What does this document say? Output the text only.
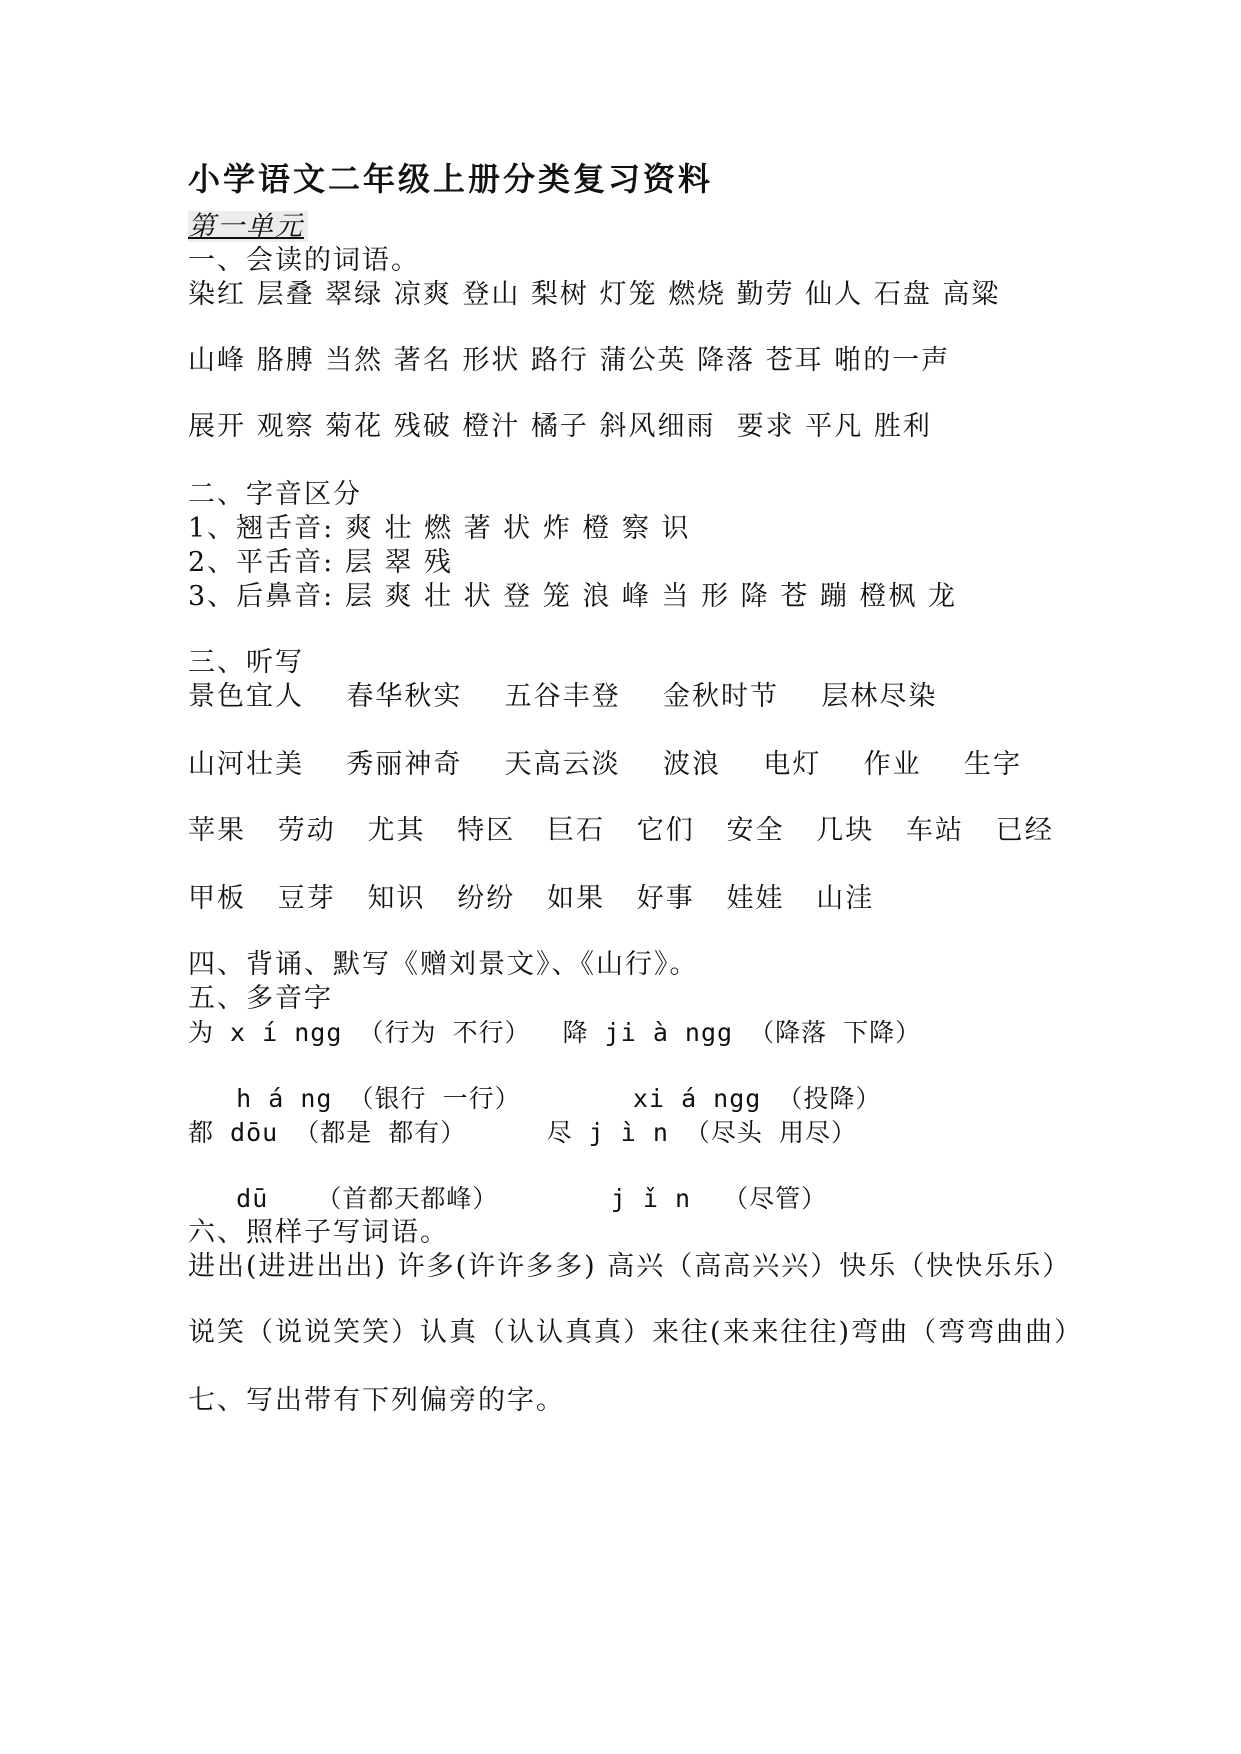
小学语文二年级上册分类复习资料
第一单元
一、会读的词语。
染红 层叠 翠绿 凉爽 登山 梨树 灯笼 燃烧 勤劳 仙人 石盘 高粱
山峰 胳膊 当然 著名 形状 路行 蒲公英 降落 苍耳 啪的一声
展开 观察 菊花 残破 橙汁 橘子 斜风细雨  要求 平凡 胜利
二、字音区分
1、翘舌音: 爽 壮 燃 著 状 炸 橙 察 识
2、平舌音: 层 翠 残
3、后鼻音: 层 爽 壮 状 登 笼 浪 峰 当 形 降 苍 蹦 橙枫 龙
三、听写
景色宜人    春华秋实    五谷丰登    金秋时节    层林尽染
山河壮美    秀丽神奇    天高云淡    波浪    电灯    作业    生字
苹果   劳动   尤其   特区   巨石   它们   安全   几块   车站   已经
甲板   豆芽   知识   纷纷   如果   好事   娃娃   山洼
四、背诵、默写《赠刘景文》、《山行》。
五、多音字
为 x í ngg （行为 不行）  降 ji à ngg （降落 下降）
h á ng （银行 一行）       xi á ngg （投降）
都 dōu （都是 都有）     尽 j ì n （尽头 用尽）
dū   （首都天都峰）       j ǐ n  （尽管）
六、照样子写词语。
进出(进进出出) 许多(许许多多) 高兴（高高兴兴）快乐（快快乐乐）
说笑（说说笑笑）认真（认认真真）来往(来来往往)弯曲（弯弯曲曲）
七、写出带有下列偏旁的字。
